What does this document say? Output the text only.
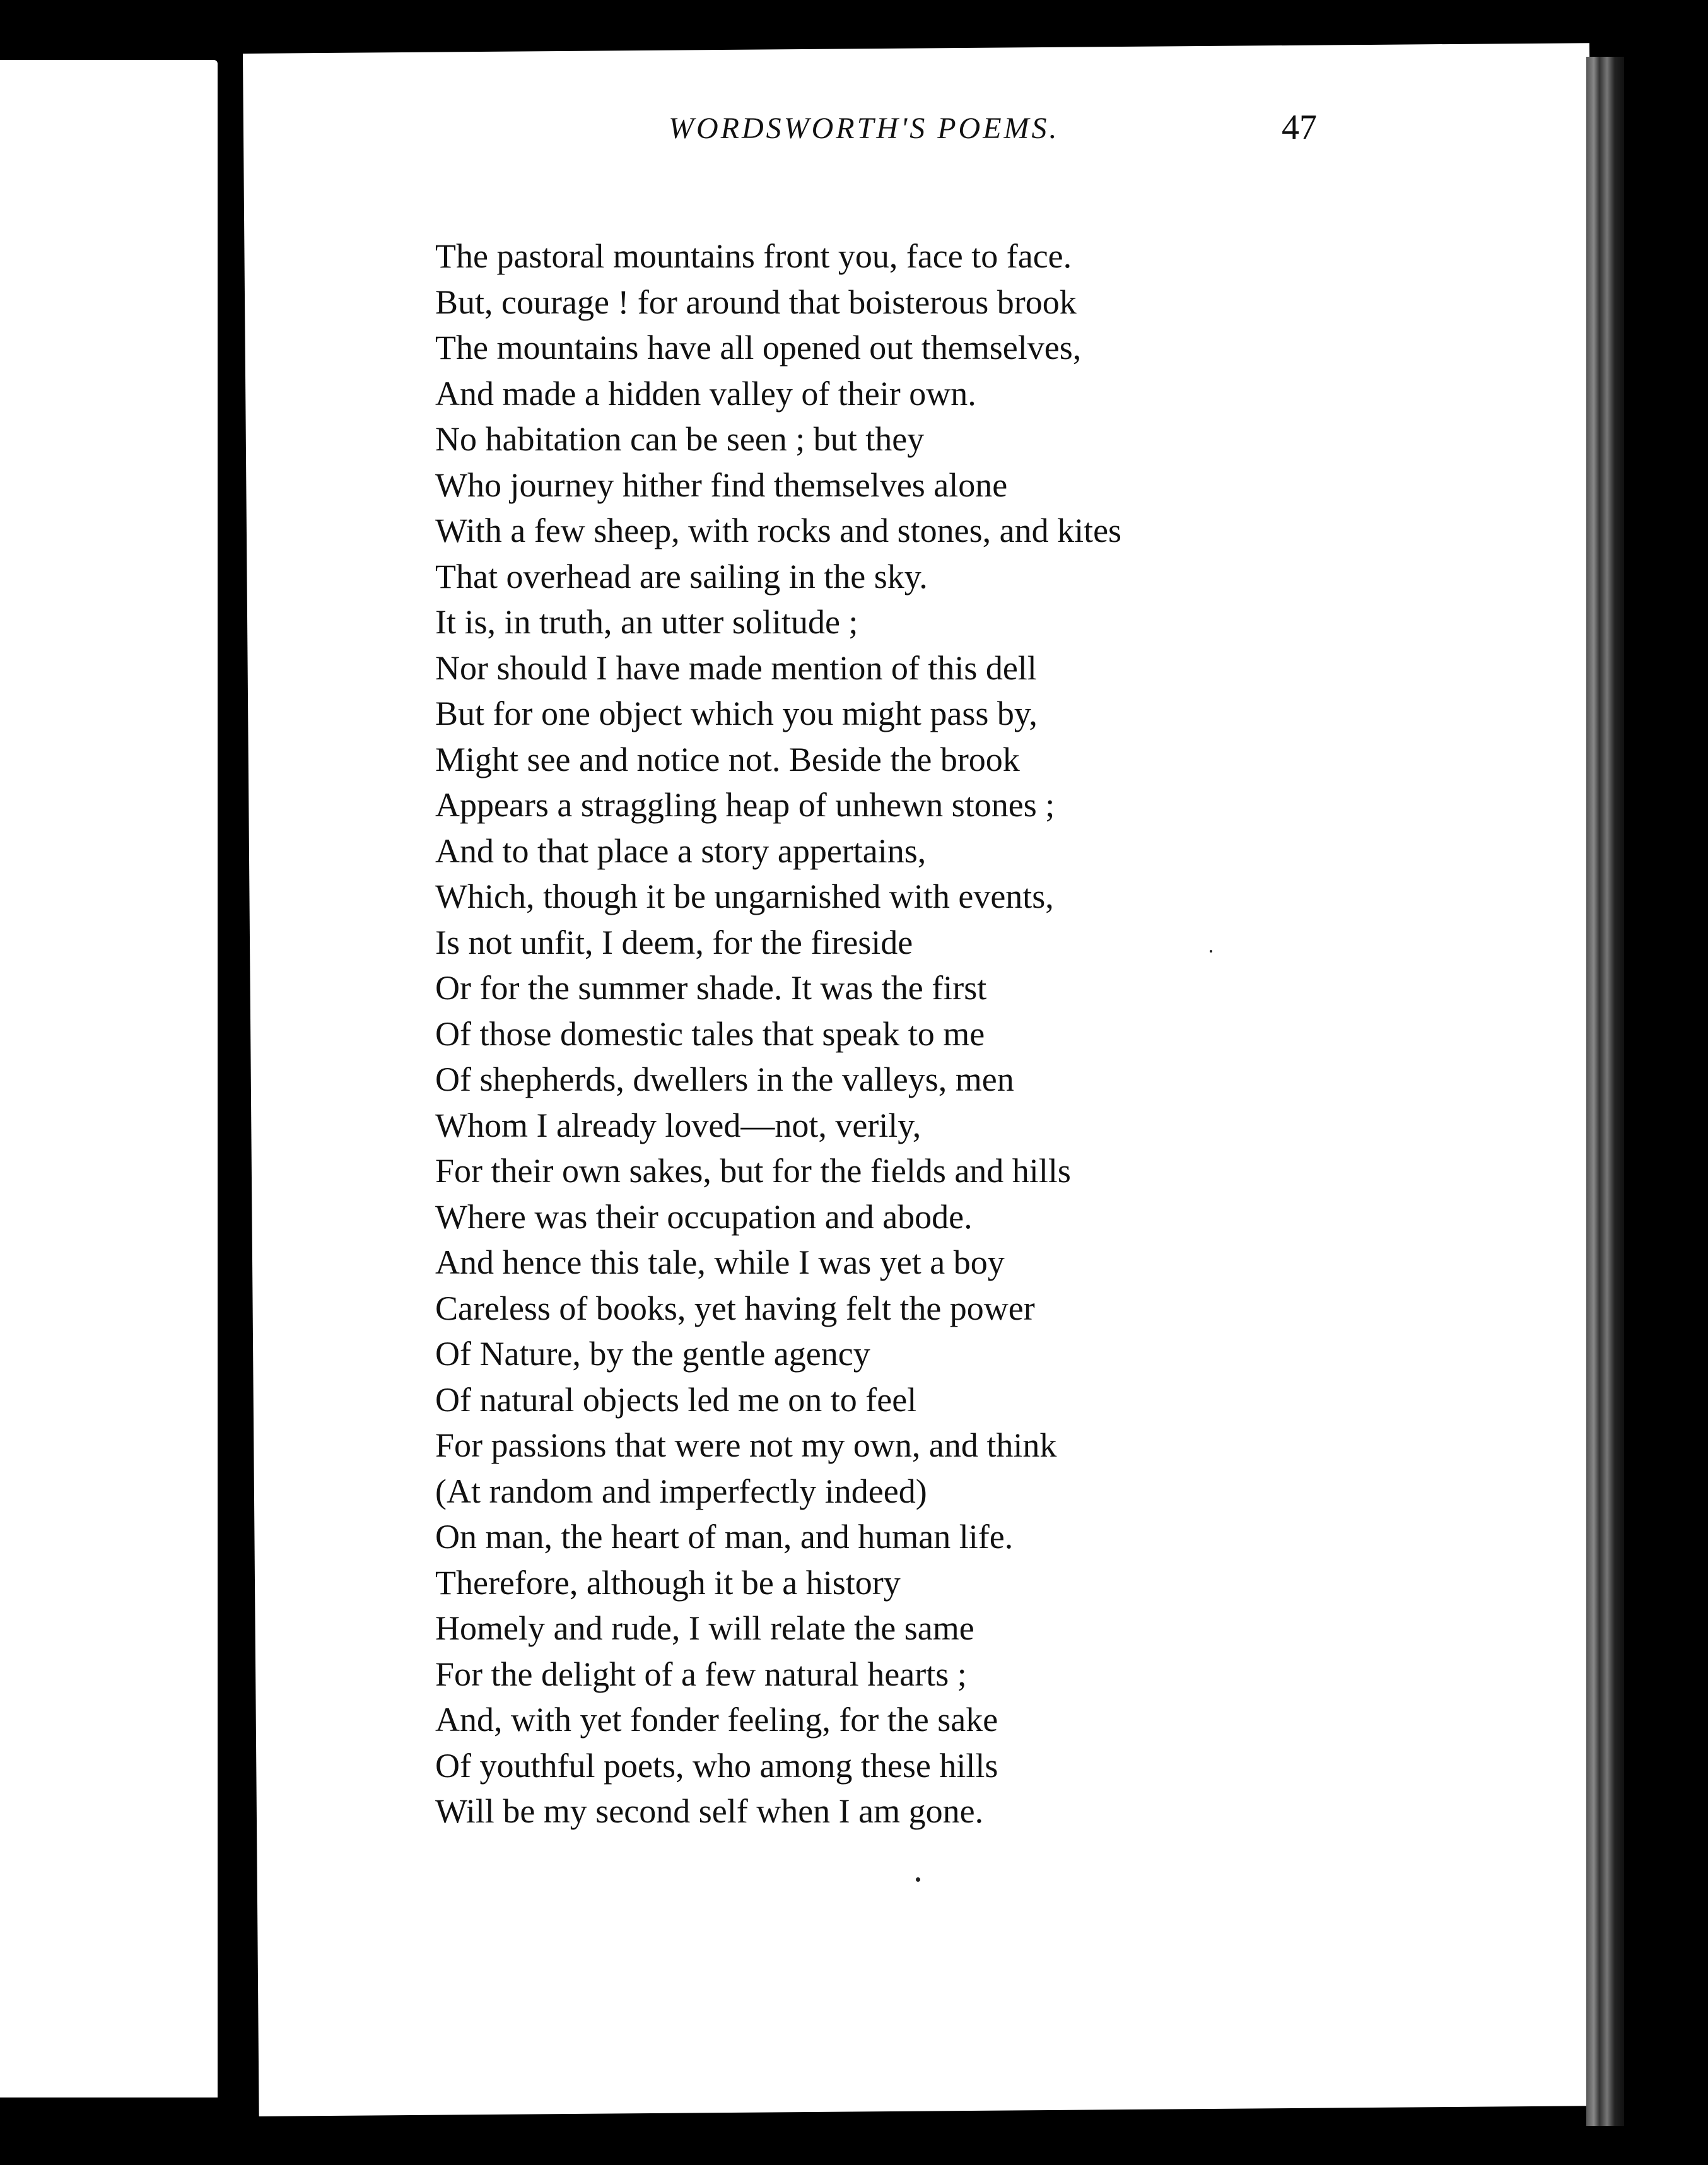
WORDSWORTH'S POEMS.	47
The pastoral mountains front you, face to face.
But, courage ! for around that boisterous brook
The mountains have all opened out themselves,
And made a hidden valley of their own.
No habitation can be seen ; but they
Who journey hither find themselves alone
With a few sheep, with rocks and stones, and kites
That overhead are sailing in the sky.
It is, in truth, an utter solitude ;
Nor should I have made mention of this dell
But for one object which you might pass by,
Might see and notice not. Beside the brook
Appears a straggling heap of unhewn stones ;
And to that place a story appertains,
Which, though it be ungarnished with events,
Is not unfit, I deem, for the fireside
Or for the summer shade. It was the first
Of those domestic tales that speak to me
Of shepherds, dwellers in the valleys, men
Whom I already loved—not, verily,
For their own sakes, but for the fields and hills
Where was their occupation and abode.
And hence this tale, while I was yet a boy
Careless of books, yet having felt the power
Of Nature, by the gentle agency
Of natural objects led me on to feel
For passions that were not my own, and think
(At random and imperfectly indeed)
On man, the heart of man, and human life.
Therefore, although it be a history
Homely and rude, I will relate the same
For the delight of a few natural hearts ;
And, with yet fonder feeling, for the sake
Of youthful poets, who among these hills
Will be my second self when I am gone.
